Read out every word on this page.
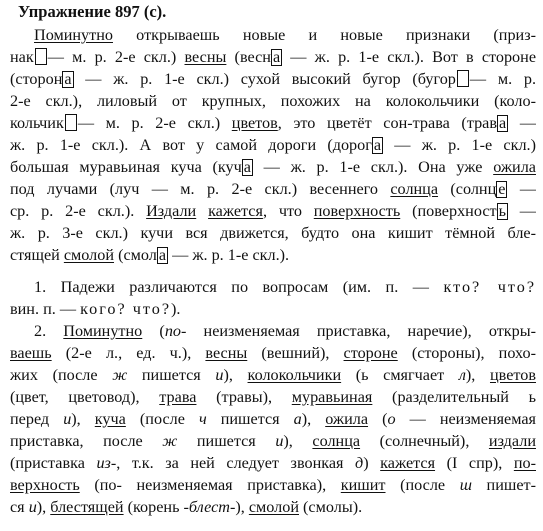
Упражнение 897 (с).
Поминутно открываешь новые и новые признаки (приз-
нак — м. р. 2-е скл.) весны (весн а — ж. р. 1-е скл.). Вот в стороне
(сторон а — ж. р. 1-е скл.) сухой высокий бугор (бугор — м. р.
2-е скл.), лиловый от крупных, похожих на колокольчики (коло-
кольчик — м. р. 2-е скл.) цветов, это цветёт сон-трава (трав а —
ж. р. 1-е скл.). А вот у самой дороги (дорог а — ж. р. 1-е скл.)
большая муравьиная куча (куч а — ж. р. 1-е скл.). Она уже ожила
под лучами (луч — м. р. 2-е скл.) весеннего солнца (солнц е —
ср. р. 2-е скл.). Издали кажется, что поверхность (поверхност ь —
ж. р. 3-е скл.) кучи вся движется, будто она кишит тёмной бле-
стящей смолой (смол а — ж. р. 1-е скл.).
1. Падежи различаются по вопросам (им. п. — кто? что?
вин. п. — кого? что?).
2. Поминутно (по- неизменяемая приставка, наречие), откры-
ваешь (2-е л., ед. ч.), весны (вешний), стороне (стороны), похо-
жих (после ж пишется и), колокольчики (ь смягчает л), цветов
(цвет, цветовод), трава (травы), муравьиная (разделительный ь
перед и), куча (после ч пишется а), ожила (о — неизменяемая
приставка, после ж пишется и), солнца (солнечный), издали
(приставка из-, т.к. за ней следует звонкая д) кажется (I спр), по-
верхность (по- неизменяемая приставка), кишит (после ш пишет-
ся и), блестящей (корень -блест-), смолой (смолы).
